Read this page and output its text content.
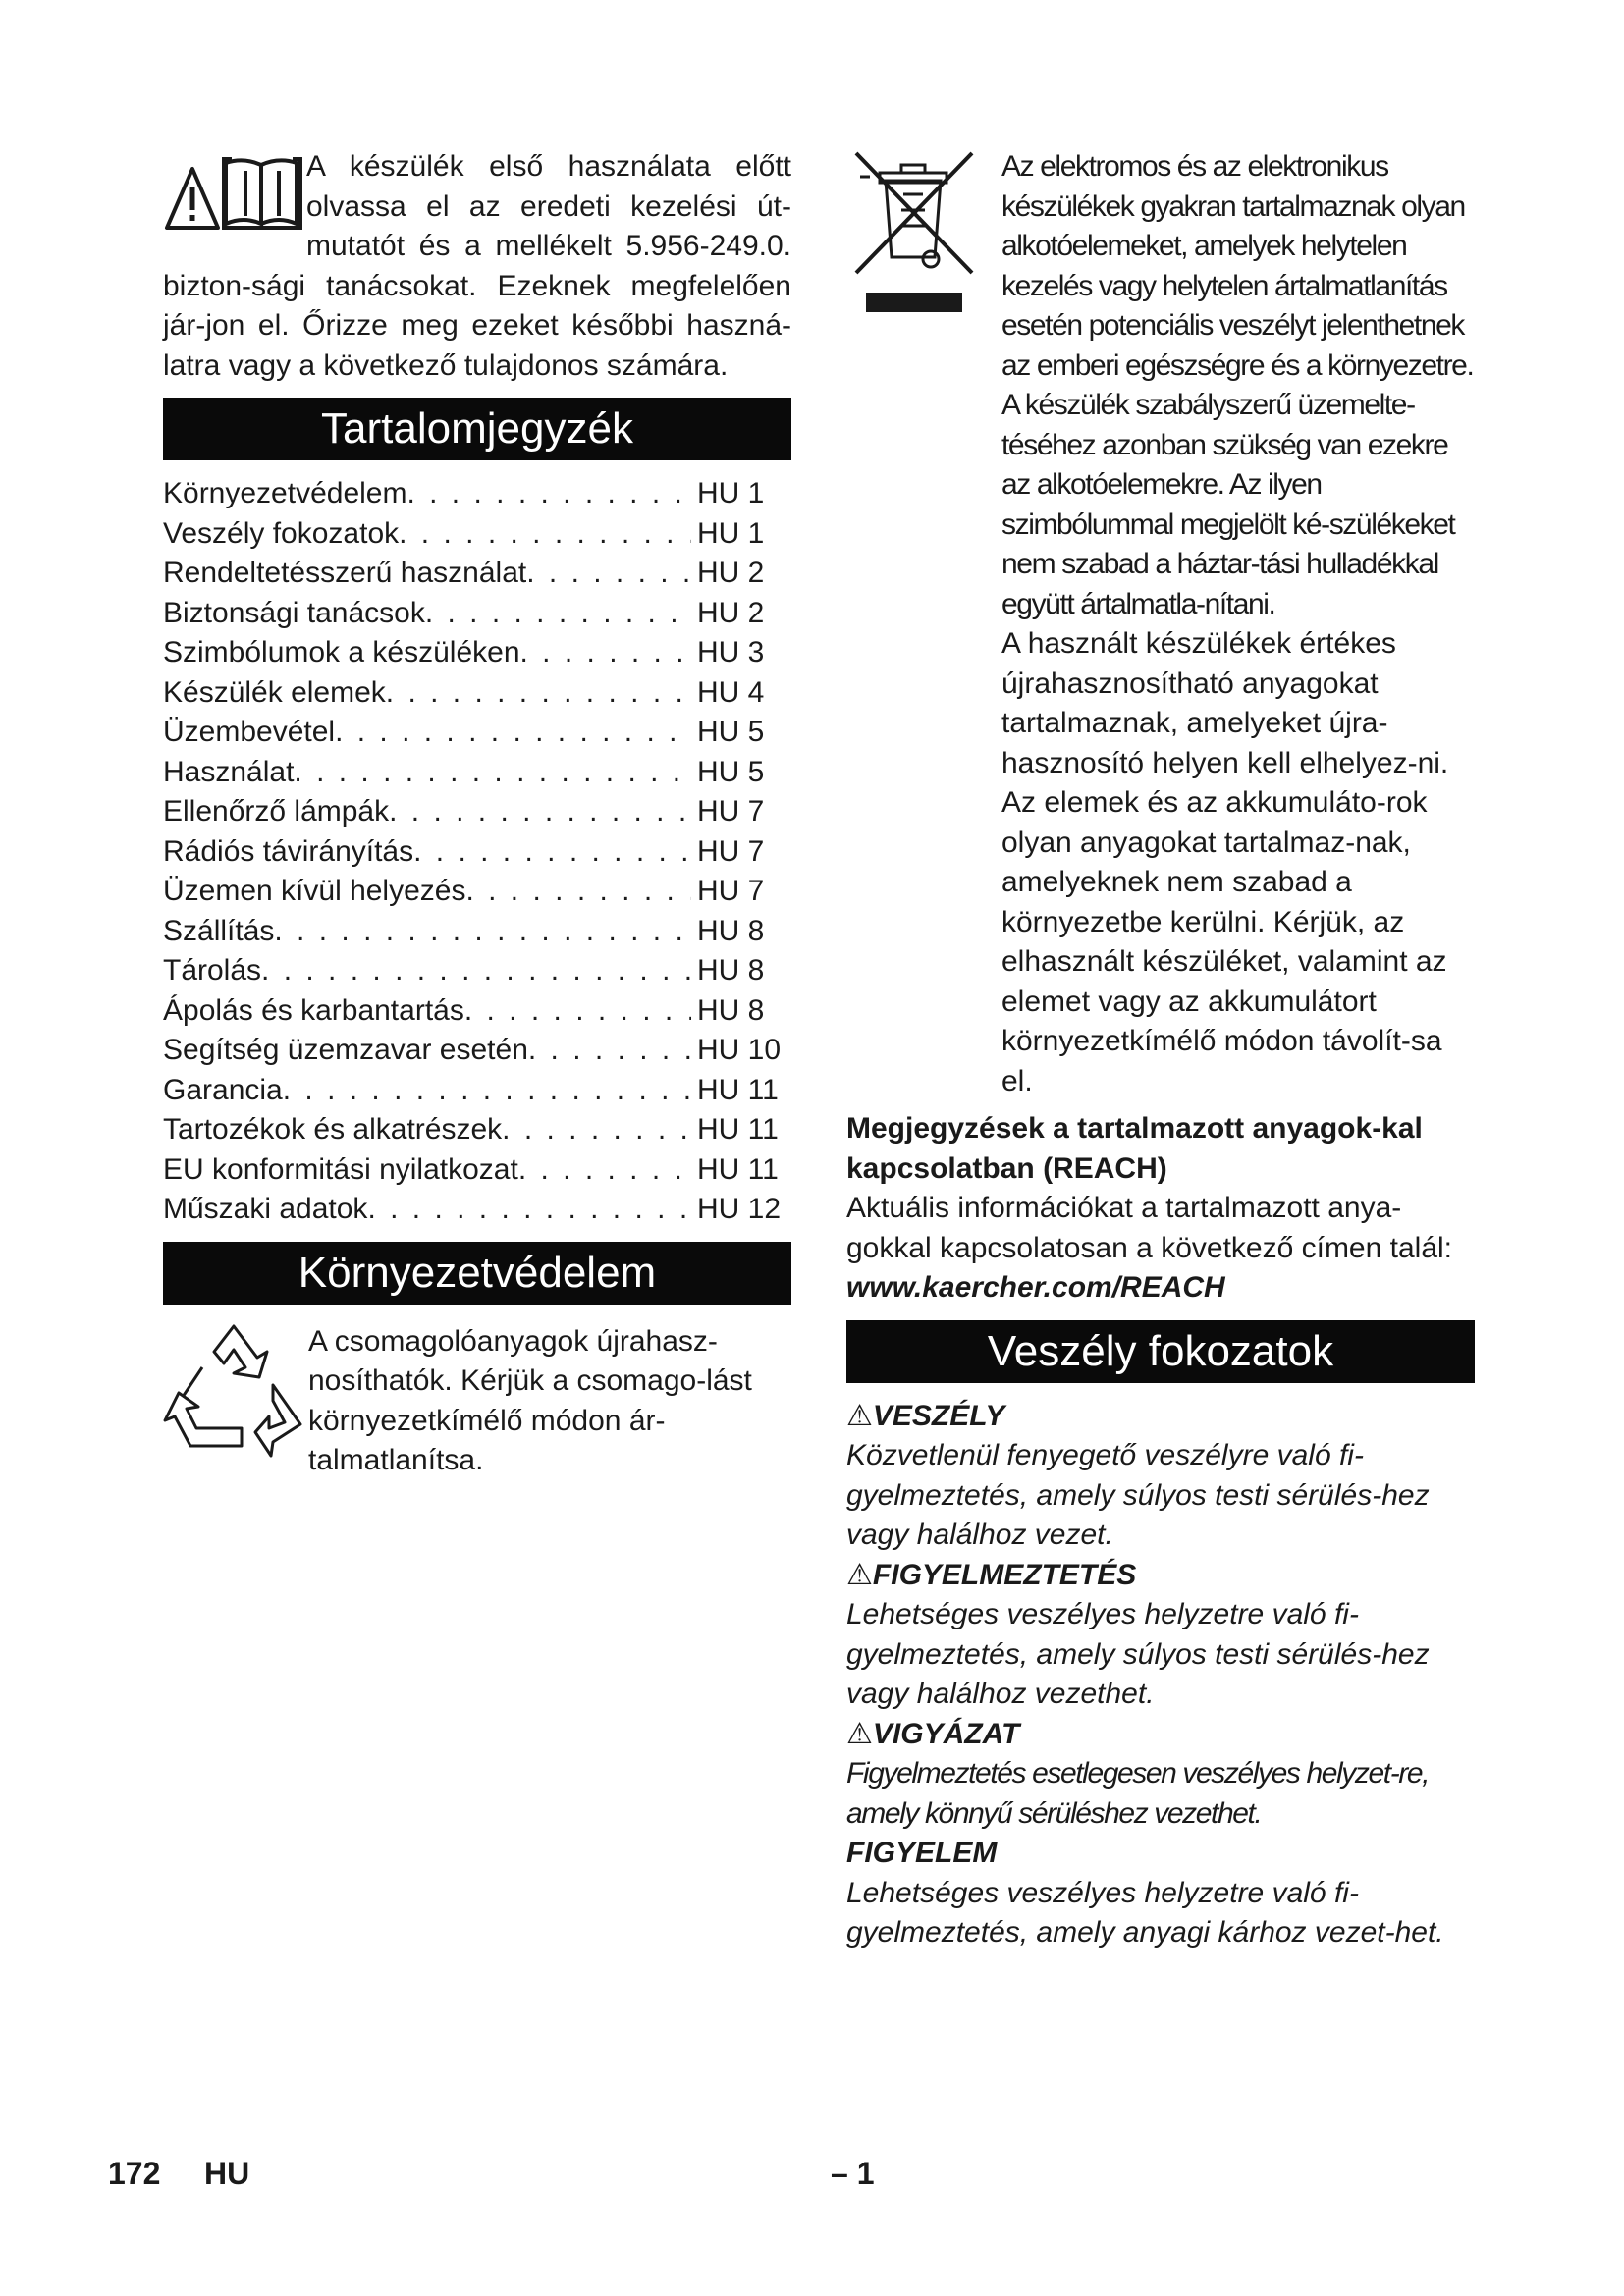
A készülék első használata előtt olvassa el az eredeti kezelési út-mutatót és a mellékelt 5.956-249.0. bizton-sági tanácsokat. Ezeknek megfelelően jár-jon el. Őrizze meg ezeket későbbi haszná-latra vagy a következő tulajdonos számára.

Tartalomjegyzék
Környezetvédelem . . .	HU 1
Veszély fokozatok . . .	HU 1
Rendeltetésszerű használat . . .	HU 2
Biztonsági tanácsok . . .	HU 2
Szimbólumok a készüléken . . .	HU 3
Készülék elemek . . .	HU 4
Üzembevétel . . .	HU 5
Használat . . .	HU 5
Ellenőrző lámpák . . .	HU 7
Rádiós távirányítás . . .	HU 7
Üzemen kívül helyezés . . .	HU 7
Szállítás . . .	HU 8
Tárolás . . .	HU 8
Ápolás és karbantartás . . .	HU 8
Segítség üzemzavar esetén . . .	HU 10
Garancia . . .	HU 11
Tartozékok és alkatrészek . . .	HU 11
EU konformitási nyilatkozat . . .	HU 11
Műszaki adatok . . .	HU 12
Környezetvédelem

A csomagolóanyagok újrahasz-nosíthatók. Kérjük a csomago-lást környezetkímélő módon ár-talmatlanítsa.

Az elektromos és az elektronikus készülékek gyakran tartalmaznak olyan alkotóelemeket, amelyek helytelen kezelés vagy helytelen ártalmatlanítás esetén potenciális veszélyt jelenthetnek az emberi egészségre és a környezetre. A készülék szabályszerű üzemelte-téséhez azonban szükség van ezekre az alkotóelemekre. Az ilyen szimbólummal megjelölt ké-szülékeket nem szabad a háztar-tási hulladékkal együtt ártalmatla-nítani.

A használt készülékek értékes újrahasznosítható anyagokat tartalmaznak, amelyeket újra-hasznosító helyen kell elhelyez-ni. Az elemek és az akkumuláto-rok olyan anyagokat tartalmaz-nak, amelyeknek nem szabad a környezetbe kerülni. Kérjük, az elhasznált készüléket, valamint az elemet vagy az akkumulátort környezetkímélő módon távolít-sa el.

Megjegyzések a tartalmazott anyagok-kal kapcsolatban (REACH)

Aktuális információkat a tartalmazott anya-gokkal kapcsolatosan a következő címen talál:

www.kaercher.com/REACH

Veszély fokozatok

⚠VESZÉLY

Közvetlenül fenyegető veszélyre való fi-gyelmeztetés, amely súlyos testi sérülés-hez vagy halálhoz vezet.

⚠FIGYELMEZTETÉS

Lehetséges veszélyes helyzetre való fi-gyelmeztetés, amely súlyos testi sérülés-hez vagy halálhoz vezethet.

⚠VIGYÁZAT

Figyelmeztetés esetlegesen veszélyes helyzet-re, amely könnyű sérüléshez vezethet.

FIGYELEM

Lehetséges veszélyes helyzetre való fi-gyelmeztetés, amely anyagi kárhoz vezet-het.

172 HU	– 1
